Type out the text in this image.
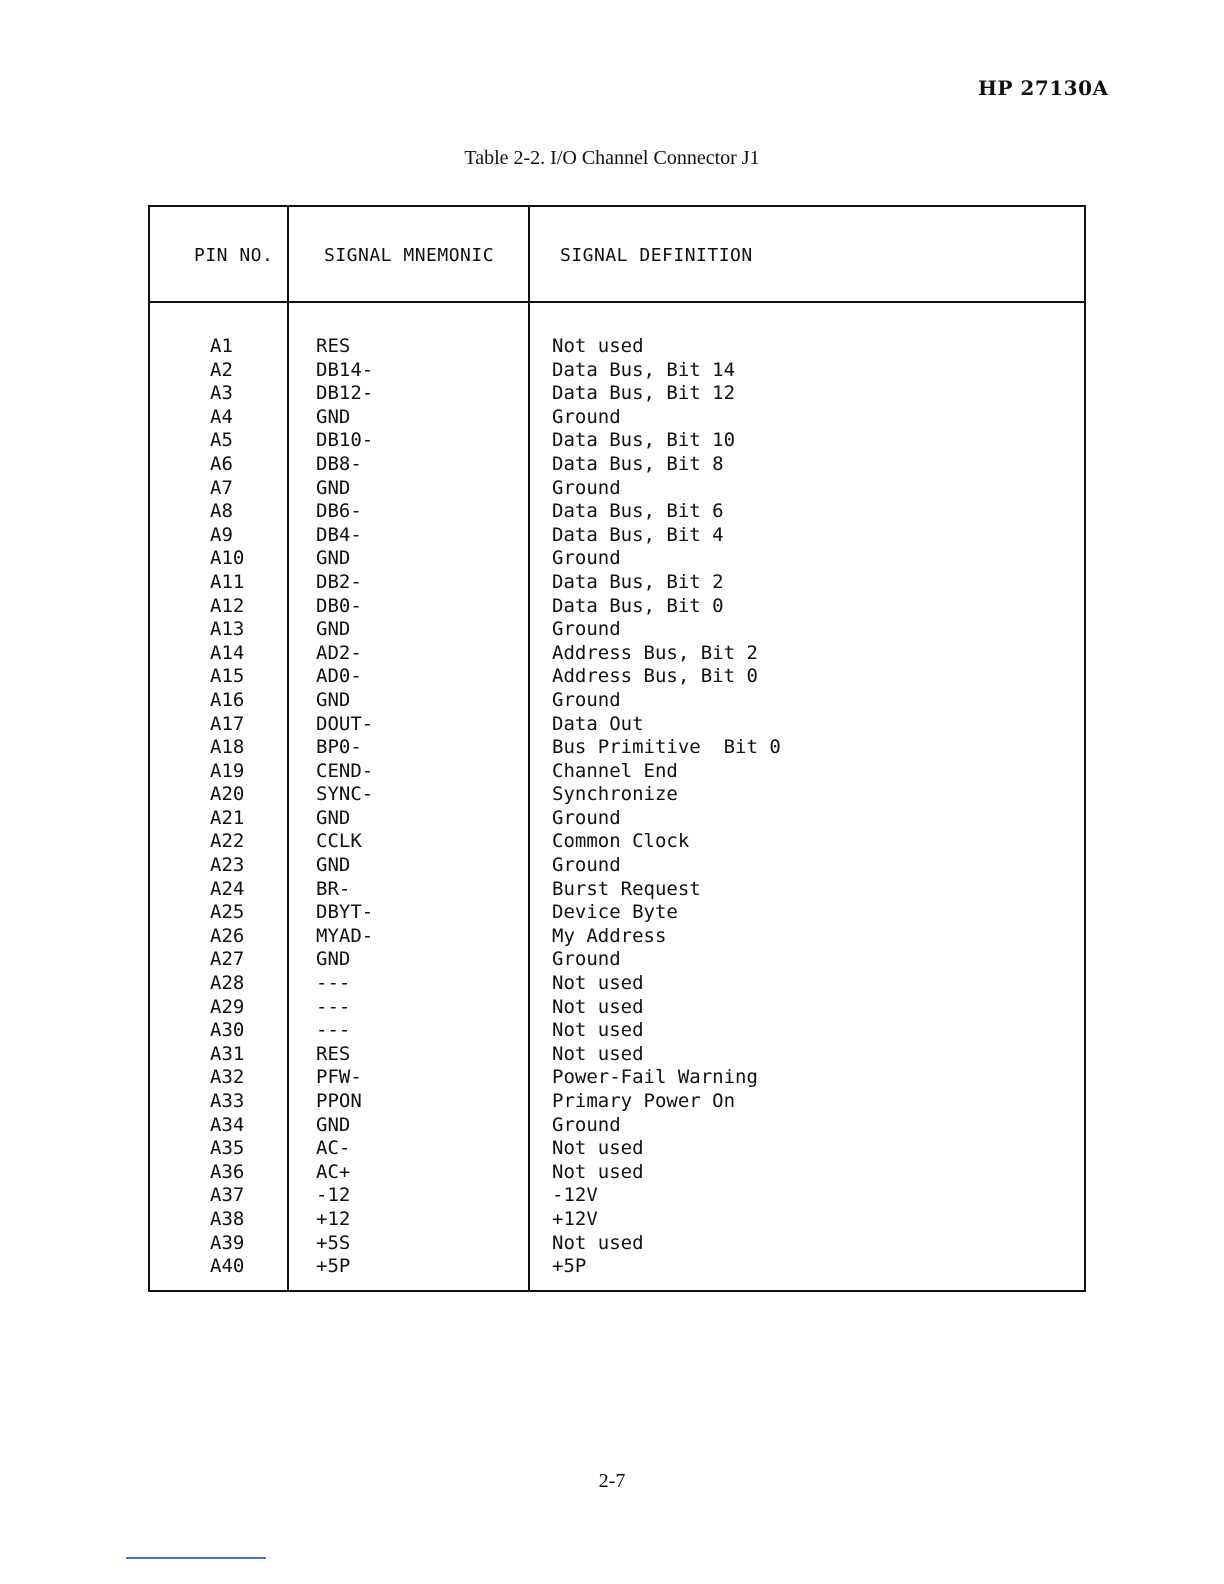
HP 27130A
Table 2-2. I/O Channel Connector J1
PIN NO.	SIGNAL MNEMONIC	SIGNAL DEFINITION
A1	RES	Not used
A2	DB14-	Data Bus, Bit 14
A3	DB12-	Data Bus, Bit 12
A4	GND	Ground
A5	DB10-	Data Bus, Bit 10
A6	DB8-	Data Bus, Bit 8
A7	GND	Ground
A8	DB6-	Data Bus, Bit 6
A9	DB4-	Data Bus, Bit 4
A10	GND	Ground
A11	DB2-	Data Bus, Bit 2
A12	DB0-	Data Bus, Bit 0
A13	GND	Ground
A14	AD2-	Address Bus, Bit 2
A15	AD0-	Address Bus, Bit 0
A16	GND	Ground
A17	DOUT-	Data Out
A18	BP0-	Bus Primitive  Bit 0
A19	CEND-	Channel End
A20	SYNC-	Synchronize
A21	GND	Ground
A22	CCLK	Common Clock
A23	GND	Ground
A24	BR-	Burst Request
A25	DBYT-	Device Byte
A26	MYAD-	My Address
A27	GND	Ground
A28	---	Not used
A29	---	Not used
A30	---	Not used
A31	RES	Not used
A32	PFW-	Power-Fail Warning
A33	PPON	Primary Power On
A34	GND	Ground
A35	AC-	Not used
A36	AC+	Not used
A37	-12	-12V
A38	+12	+12V
A39	+5S	Not used
A40	+5P	+5P
2-7
